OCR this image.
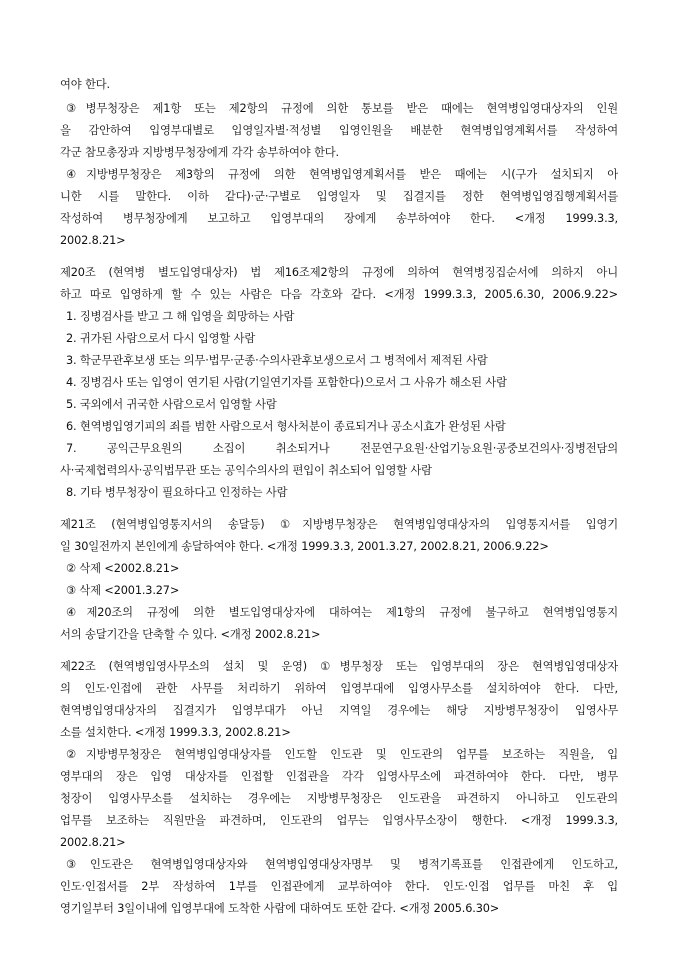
여야 한다.
③병무청장은 제1항 또는 제2항의 규정에 의한 통보를 받은 때에는 현역병입영대상자의 인원
을 감안하여 입영부대별로 입영일자별·적성별 입영인원을 배분한 현역병입영계획서를 작성하여
각군 참모총장과 지방병무청장에게 각각 송부하여야 한다.
④지방병무청장은 제3항의 규정에 의한 현역병입영계획서를 받은 때에는 시(구가 설치되지 아
니한 시를 말한다. 이하 같다)·군·구별로 입영일자 및 집결지를 정한 현역병입영집행계획서를
작성하여 병무청장에게 보고하고 입영부대의 장에게 송부하여야 한다. <개정 1999.3.3,
2002.8.21>
제20조 (현역병 별도입영대상자) 법 제16조제2항의 규정에 의하여 현역병징집순서에 의하지 아니
하고 따로 입영하게 할 수 있는 사람은 다음 각호와 같다. <개정 1999.3.3, 2005.6.30, 2006.9.22>
1. 징병검사를 받고 그 해 입영을 희망하는 사람
2. 귀가된 사람으로서 다시 입영할 사람
3. 학군무관후보생 또는 의무·법무·군종·수의사관후보생으로서 그 병적에서 제적된 사람
4. 징병검사 또는 입영이 연기된 사람(기일연기자를 포함한다)으로서 그 사유가 해소된 사람
5. 국외에서 귀국한 사람으로서 입영할 사람
6. 현역병입영기피의 죄를 범한 사람으로서 형사처분이 종료되거나 공소시효가 완성된 사람
7. 공익근무요원의 소집이 취소되거나 전문연구요원·산업기능요원·공중보건의사·징병전담의
사·국제협력의사·공익법무관 또는 공익수의사의 편입이 취소되어 입영할 사람
8. 기타 병무청장이 필요하다고 인정하는 사람
제21조 (현역병입영통지서의 송달등) ①지방병무청장은 현역병입영대상자의 입영통지서를 입영기
일 30일전까지 본인에게 송달하여야 한다. <개정 1999.3.3, 2001.3.27, 2002.8.21, 2006.9.22>
② 삭제 <2002.8.21>
③ 삭제 <2001.3.27>
④제20조의 규정에 의한 별도입영대상자에 대하여는 제1항의 규정에 불구하고 현역병입영통지
서의 송달기간을 단축할 수 있다. <개정 2002.8.21>
제22조 (현역병입영사무소의 설치 및 운영) ①병무청장 또는 입영부대의 장은 현역병입영대상자
의 인도·인접에 관한 사무를 처리하기 위하여 입영부대에 입영사무소를 설치하여야 한다. 다만,
현역병입영대상자의 집결지가 입영부대가 아닌 지역일 경우에는 해당 지방병무청장이 입영사무
소를 설치한다. <개정 1999.3.3, 2002.8.21>
②지방병무청장은 현역병입영대상자를 인도할 인도관 및 인도관의 업무를 보조하는 직원을, 입
영부대의 장은 입영 대상자를 인접할 인접관을 각각 입영사무소에 파견하여야 한다. 다만, 병무
청장이 입영사무소를 설치하는 경우에는 지방병무청장은 인도관을 파견하지 아니하고 인도관의
업무를 보조하는 직원만을 파견하며, 인도관의 업무는 입영사무소장이 행한다. <개정 1999.3.3,
2002.8.21>
③인도관은 현역병입영대상자와 현역병입영대상자명부 및 병적기록표를 인접관에게 인도하고,
인도·인접서를 2부 작성하여 1부를 인접관에게 교부하여야 한다. 인도·인접 업무를 마친 후 입
영기일부터 3일이내에 입영부대에 도착한 사람에 대하여도 또한 같다. <개정 2005.6.30>
